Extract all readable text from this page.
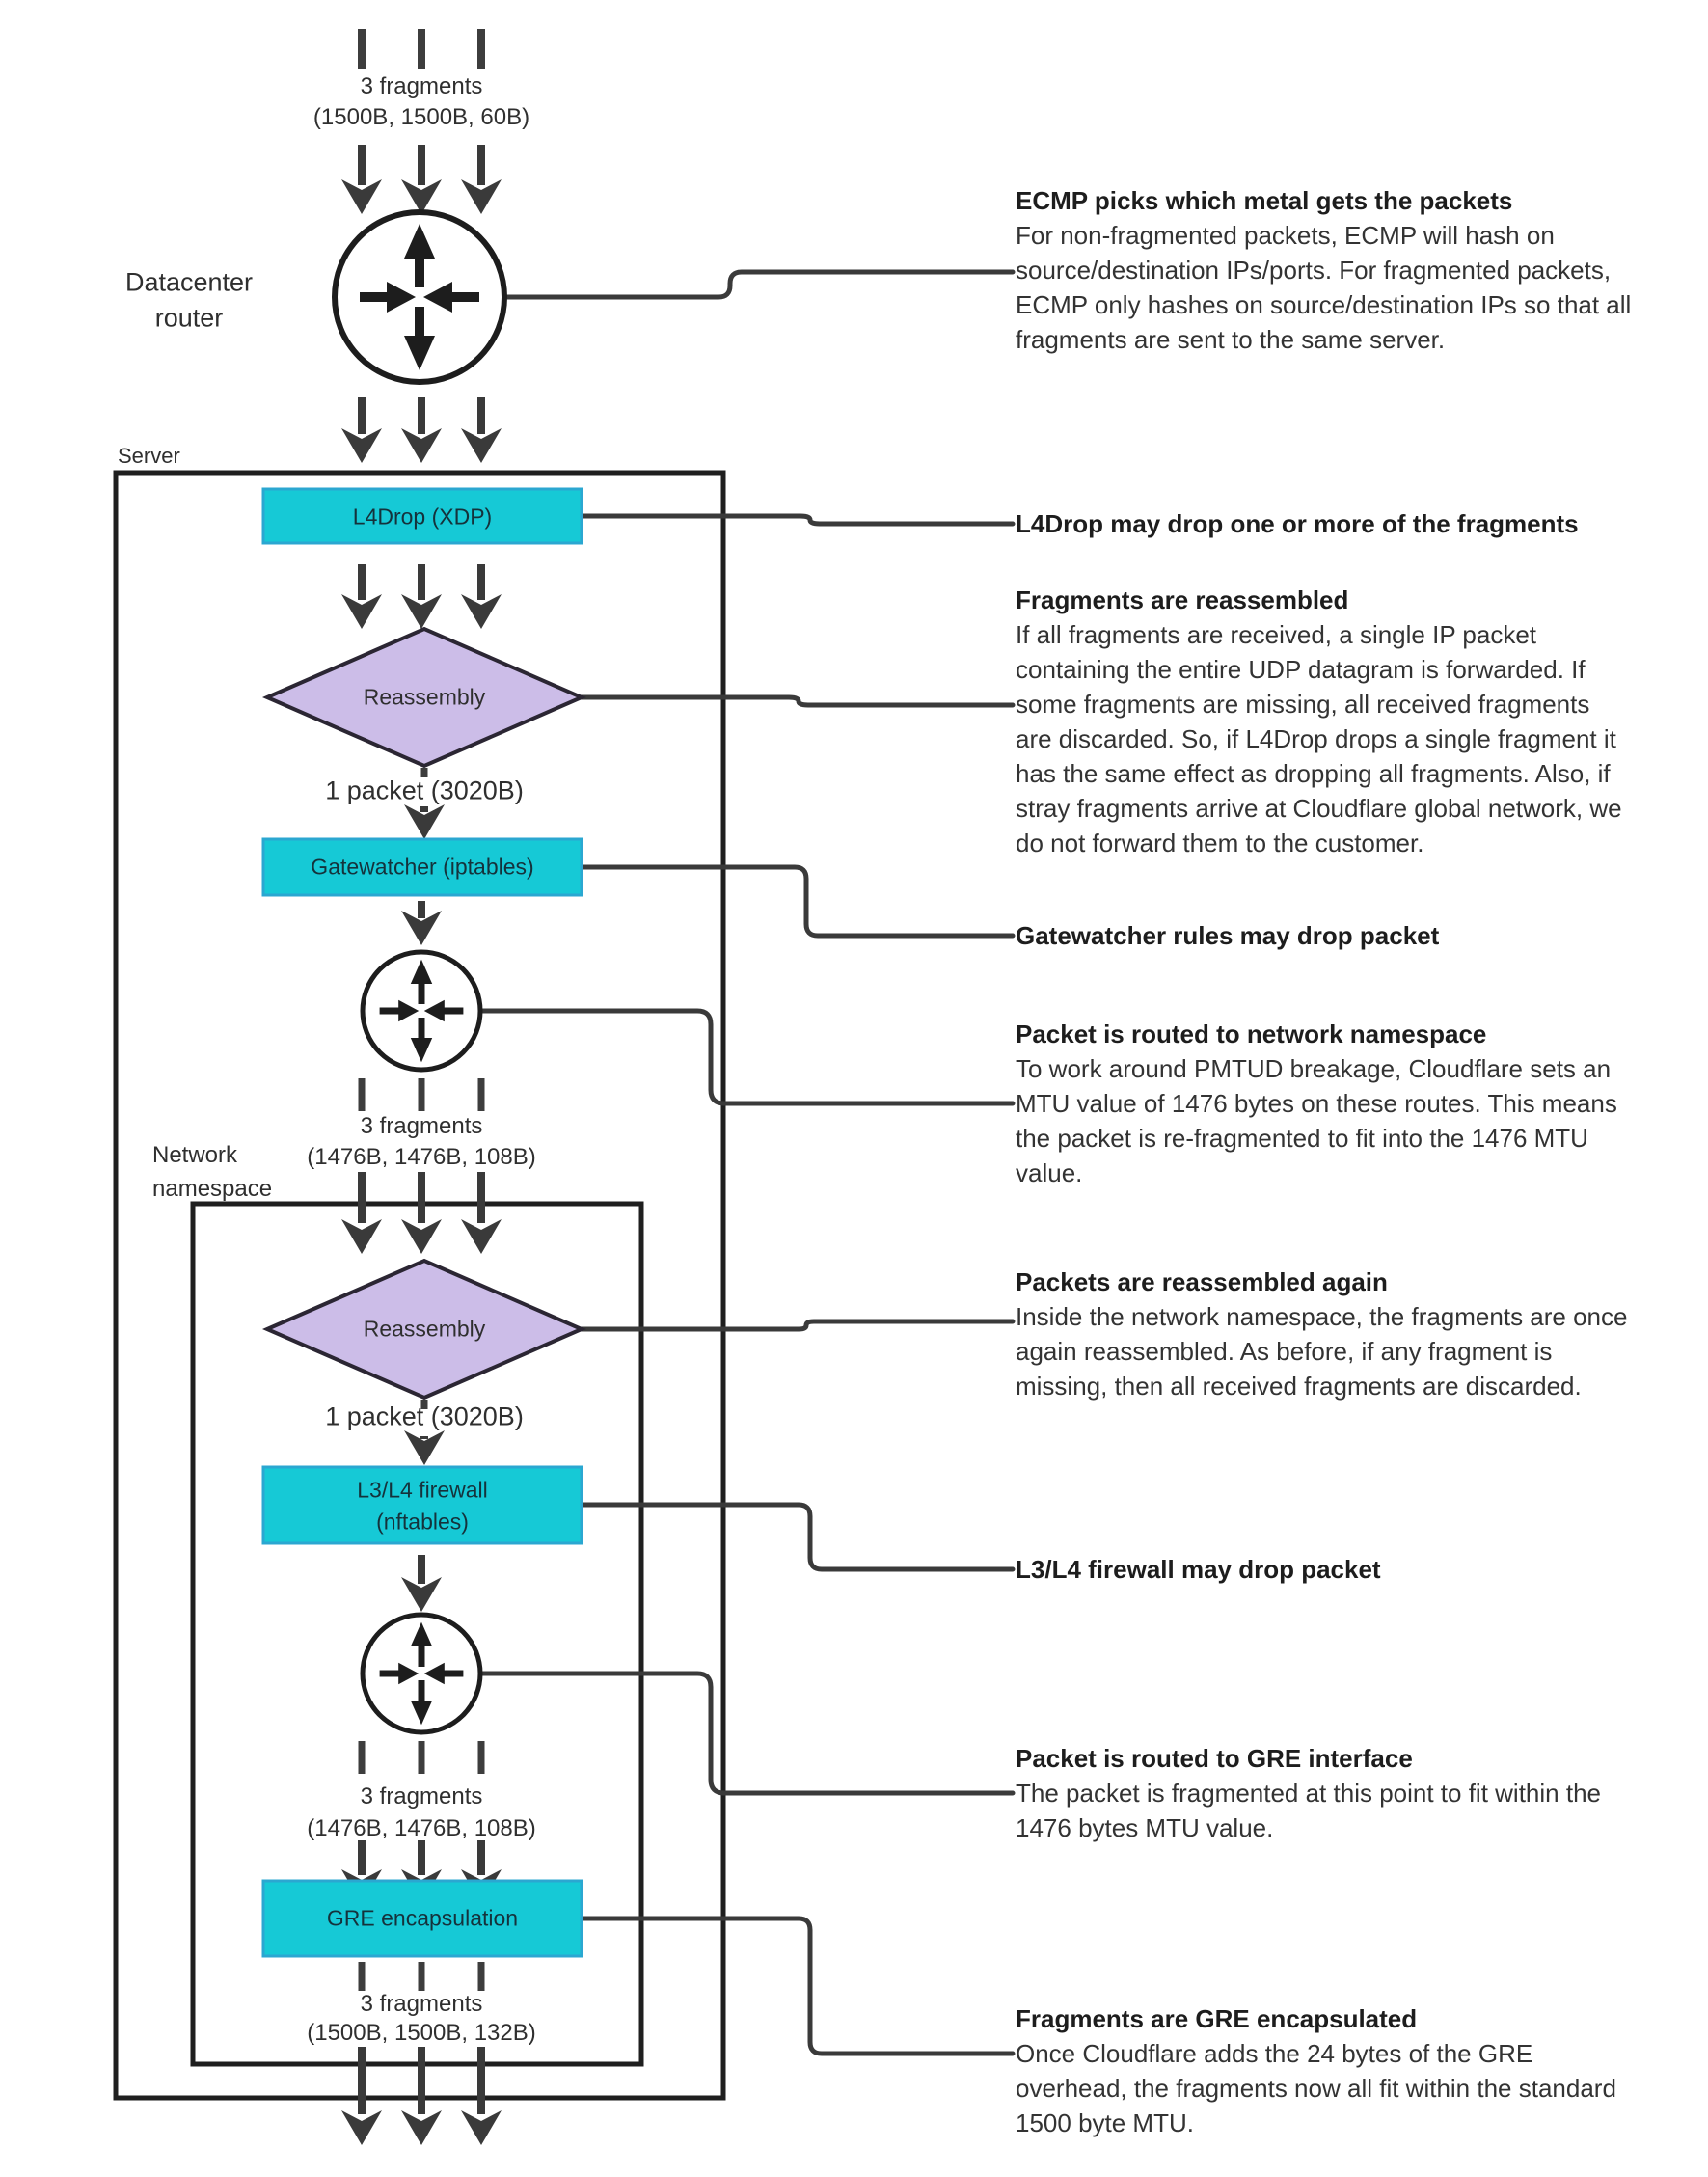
3 fragments
(1500B, 1500B, 60B)
Datacenter
router
Server
L4Drop (XDP)
Reassembly
1 packet (3020B)
Gatewatcher (iptables)
3 fragments
(1476B, 1476B, 108B)
Network
namespace
Reassembly
1 packet (3020B)
L3/L4 firewall
(nftables)
3 fragments
(1476B, 1476B, 108B)
GRE encapsulation
3 fragments
(1500B, 1500B, 132B)
ECMP picks which metal gets the packets
For non-fragmented packets, ECMP will hash on
source/destination IPs/ports. For fragmented packets,
ECMP only hashes on source/destination IPs so that all
fragments are sent to the same server.
L4Drop may drop one or more of the fragments
Fragments are reassembled
If all fragments are received, a single IP packet
containing the entire UDP datagram is forwarded. If
some fragments are missing, all received fragments
are discarded. So, if L4Drop drops a single fragment it
has the same effect as dropping all fragments. Also, if
stray fragments arrive at Cloudflare global network, we
do not forward them to the customer.
Gatewatcher rules may drop packet
Packet is routed to network namespace
To work around PMTUD breakage, Cloudflare sets an
MTU value of 1476 bytes on these routes. This means
the packet is re-fragmented to fit into the 1476 MTU
value.
Packets are reassembled again
Inside the network namespace, the fragments are once
again reassembled. As before, if any fragment is
missing, then all received fragments are discarded.
L3/L4 firewall may drop packet
Packet is routed to GRE interface
The packet is fragmented at this point to fit within the
1476 bytes MTU value.
Fragments are GRE encapsulated
Once Cloudflare adds the 24 bytes of the GRE
overhead, the fragments now all fit within the standard
1500 byte MTU.
